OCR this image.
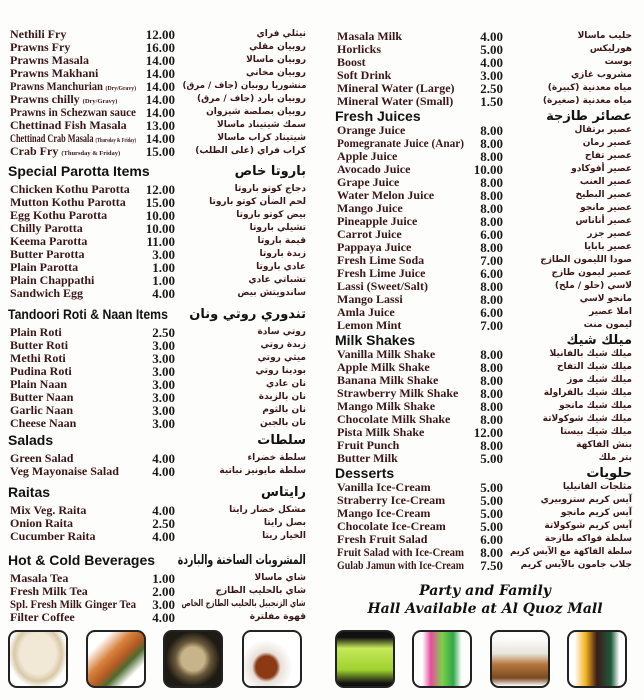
Nethili Fry	12.00	نيثلي فراي
Prawns Fry	16.00	روبيان مقلي
Prawns Masala	14.00	روبيان ماسالا
Prawns Makhani	14.00	روبيان مخاني
Prawns Manchurian (Dry/Gravy) 14.00 منشوريا روبيان (جاف / مرق)
Prawns chilly (Dry/Gravy)	14.00 روبيان بارد (جاف / مرق)
Prawns in Schezwan sauce 14.00	روبيان بصلصة شيزوان
Chettinad Fish Masala	13.00	سمك شيتيناد ماسالا
Chettinad Crab Masala (Thursday & Friday) 14.00	شيتيناد كراب ماسالا
Crab Fry (Thursday & Friday)	15.00 كراب فراي (على الطلب)
Special Parotta Items	باروتا خاص
Chicken Kothu Parotta	12.00	دجاج كوتو باروتا
Mutton Kothu Parotta	15.00	لحم الضأن كوتو باروتا
Egg Kothu Parotta	10.00	بيض كوتو باروتا
Chilly Parotta	10.00	تشيلي باروتا
Keema Parotta	11.00	قيمة باروتا
Butter Parotta	3.00	زبدة باروتا
Plain Parotta	1.00	عادي باروتا
Plain Chappathi	1.00	تشباتي عادي
Sandwich Egg	4.00	ساندويتش بيض
Tandoori Roti & Naan Items تندوري روتي ونان
Plain Roti	2.50	روتي سادة
Butter Roti	3.00	زبدة روتي
Methi Roti	3.00	ميثي روتي
Pudina Roti	3.00	بودينا روتي
Plain Naan	3.00	نان عادي
Butter Naan	3.00	نان بالزبدة
Garlic Naan	3.00	نان بالثوم
Cheese Naan	3.00	نان بالجبن
Salads	سلطات
Green Salad	4.00	سلطة خضراء
Veg Mayonaise Salad	4.00	سلطة مايونيز نباتية
Raitas	رايتاس
Mix Veg. Raita	4.00	مشكل خضار رايتا
Onion Raita	2.50	بصل رايتا
Cucumber Raita	4.00	الخيار ريتا
Hot & Cold Beverages المشروبات الساخنة والباردة
Masala Tea	1.00	شاي ماسالا
Fresh Milk Tea	2.00	شاي بالحليب الطازج
Spl. Fresh Milk Ginger Tea	3.00 شاي الزنجبيل بالحليب الطازج الخاص
Filter Coffee	4.00	قهوة مفلترة
Masala Milk	4.00	حليب ماسالا
Horlicks	5.00	هورليكس
Boost	4.00	بوست
Soft Drink	3.00	مشروب غازي
Mineral Water (Large)	2.50	مياه معدنية (كبيرة)
Mineral Water (Small)	1.50	مياه معدنية (صغيرة)
Fresh Juices	عصائر طازجة
Orange Juice	8.00	عصير برتقال
Pomegranate Juice (Anar)	8.00	عصير رمان
Apple Juice	8.00	عصير تفاح
Avocado Juice	10.00	عصير أفوكادو
Grape Juice	8.00	عصير العنب
Water Melon Juice	8.00	عصير البطيخ
Mango Juice	8.00	عصير مانجو
Pineapple Juice	8.00	عصير أناناس
Carrot Juice	6.00	عصير جزر
Pappaya Juice	8.00	عصير بابايا
Fresh Lime Soda	7.00	صودا الليمون الطازج
Fresh Lime Juice	6.00	عصير ليمون طازج
Lassi (Sweet/Salt)	8.00	لاسي (حلو / ملح)
Mango Lassi	8.00	مانجو لاسي
Amla Juice	6.00	املا عصير
Lemon Mint	7.00	ليمون منت
Milk Shakes	ميلك شيك
Vanilla Milk Shake	8.00	ميلك شيك بالفانيلا
Apple Milk Shake	8.00	ميلك شيك التفاح
Banana Milk Shake	8.00	ميلك شيك موز
Strawberry Milk Shake	8.00	ميلك شيك بالفراولة
Mango Milk Shake	8.00	ميلك شيك مانجو
Chocolate Milk Shake	8.00	ميلك شيك شوكولاتة
Pista Milk Shake	12.00	ميلك شيك بيستا
Fruit Punch	8.00	بنش الفاكهة
Butter Milk	5.00	بتر ملك
Desserts	حلويات
Vanilla Ice-Cream	5.00	مثلجات الفانيليا
Straberry Ice-Cream	5.00	آيس كريم ستروبيري
Mango Ice-Cream	5.00	آيس كريم مانجو
Chocolate Ice-Cream	5.00	آيس كريم شوكولاتة
Fresh Fruit Salad	6.00	سلطة فواكه طازجة
Fruit Salad with Ice-Cream	8.00 سلطة الفاكهة مع الآيس كريم
Gulab Jamun with Ice-Cream	7.50 جلاب جامون بالآيس كريم
Party and Family
Hall Available at Al Quoz Mall
